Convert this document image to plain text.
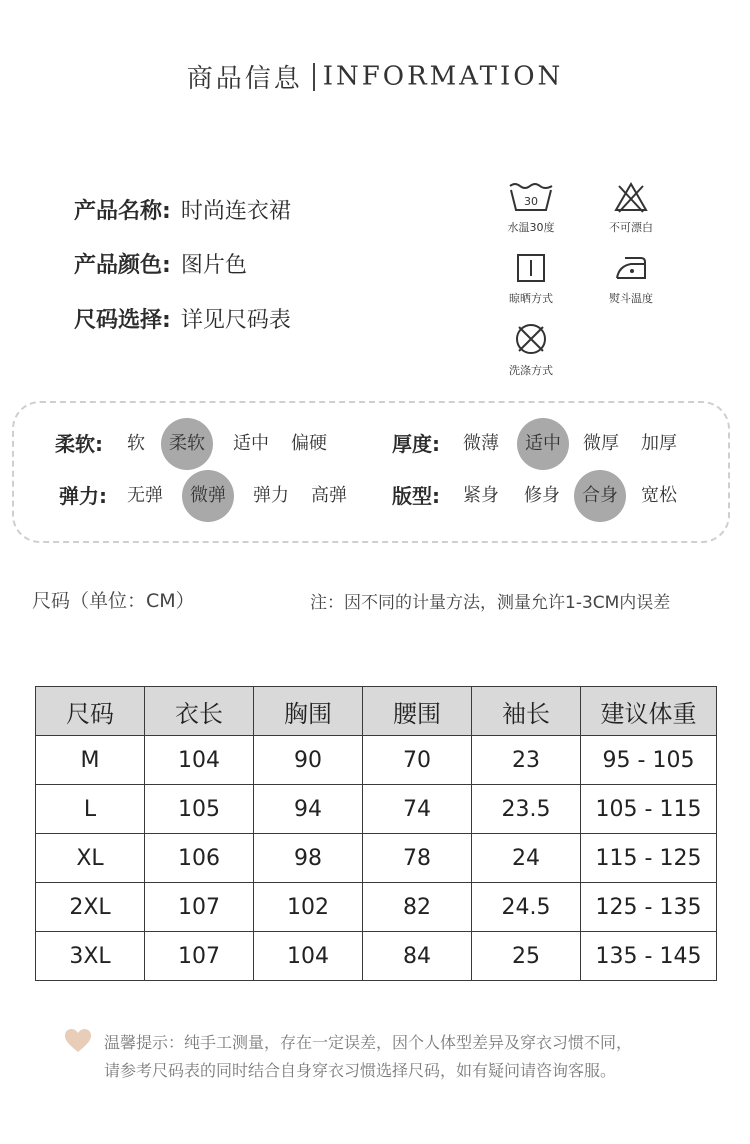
商品信息 INFORMATION
产品名称: 时尚连衣裙
产品颜色: 图片色
尺码选择: 详见尺码表
30
水温30度	不可漂白
晾晒方式	熨斗温度
洗涤方式
柔软: 软	柔软	适中 偏硬
弹力: 无弹	微弹	弹力 高弹
厚度: 微薄	适中	微厚 加厚
版型: 紧身 修身	合身	宽松
尺码（单位：CM）	注：因不同的计量方法，测量允许1-3CM内误差
尺码	衣长	胸围	腰围	袖长	建议体重
M	104	90	70	23	95 - 105
L	105	94	74	23.5	105 - 115
XL	106	98	78	24	115 - 125
2XL	107	102	82	24.5	125 - 135
3XL	107	104	84	25	135 - 145
温馨提示：纯手工测量，存在一定误差，因个人体型差异及穿衣习惯不同，
请参考尺码表的同时结合自身穿衣习惯选择尺码，如有疑问请咨询客服。
